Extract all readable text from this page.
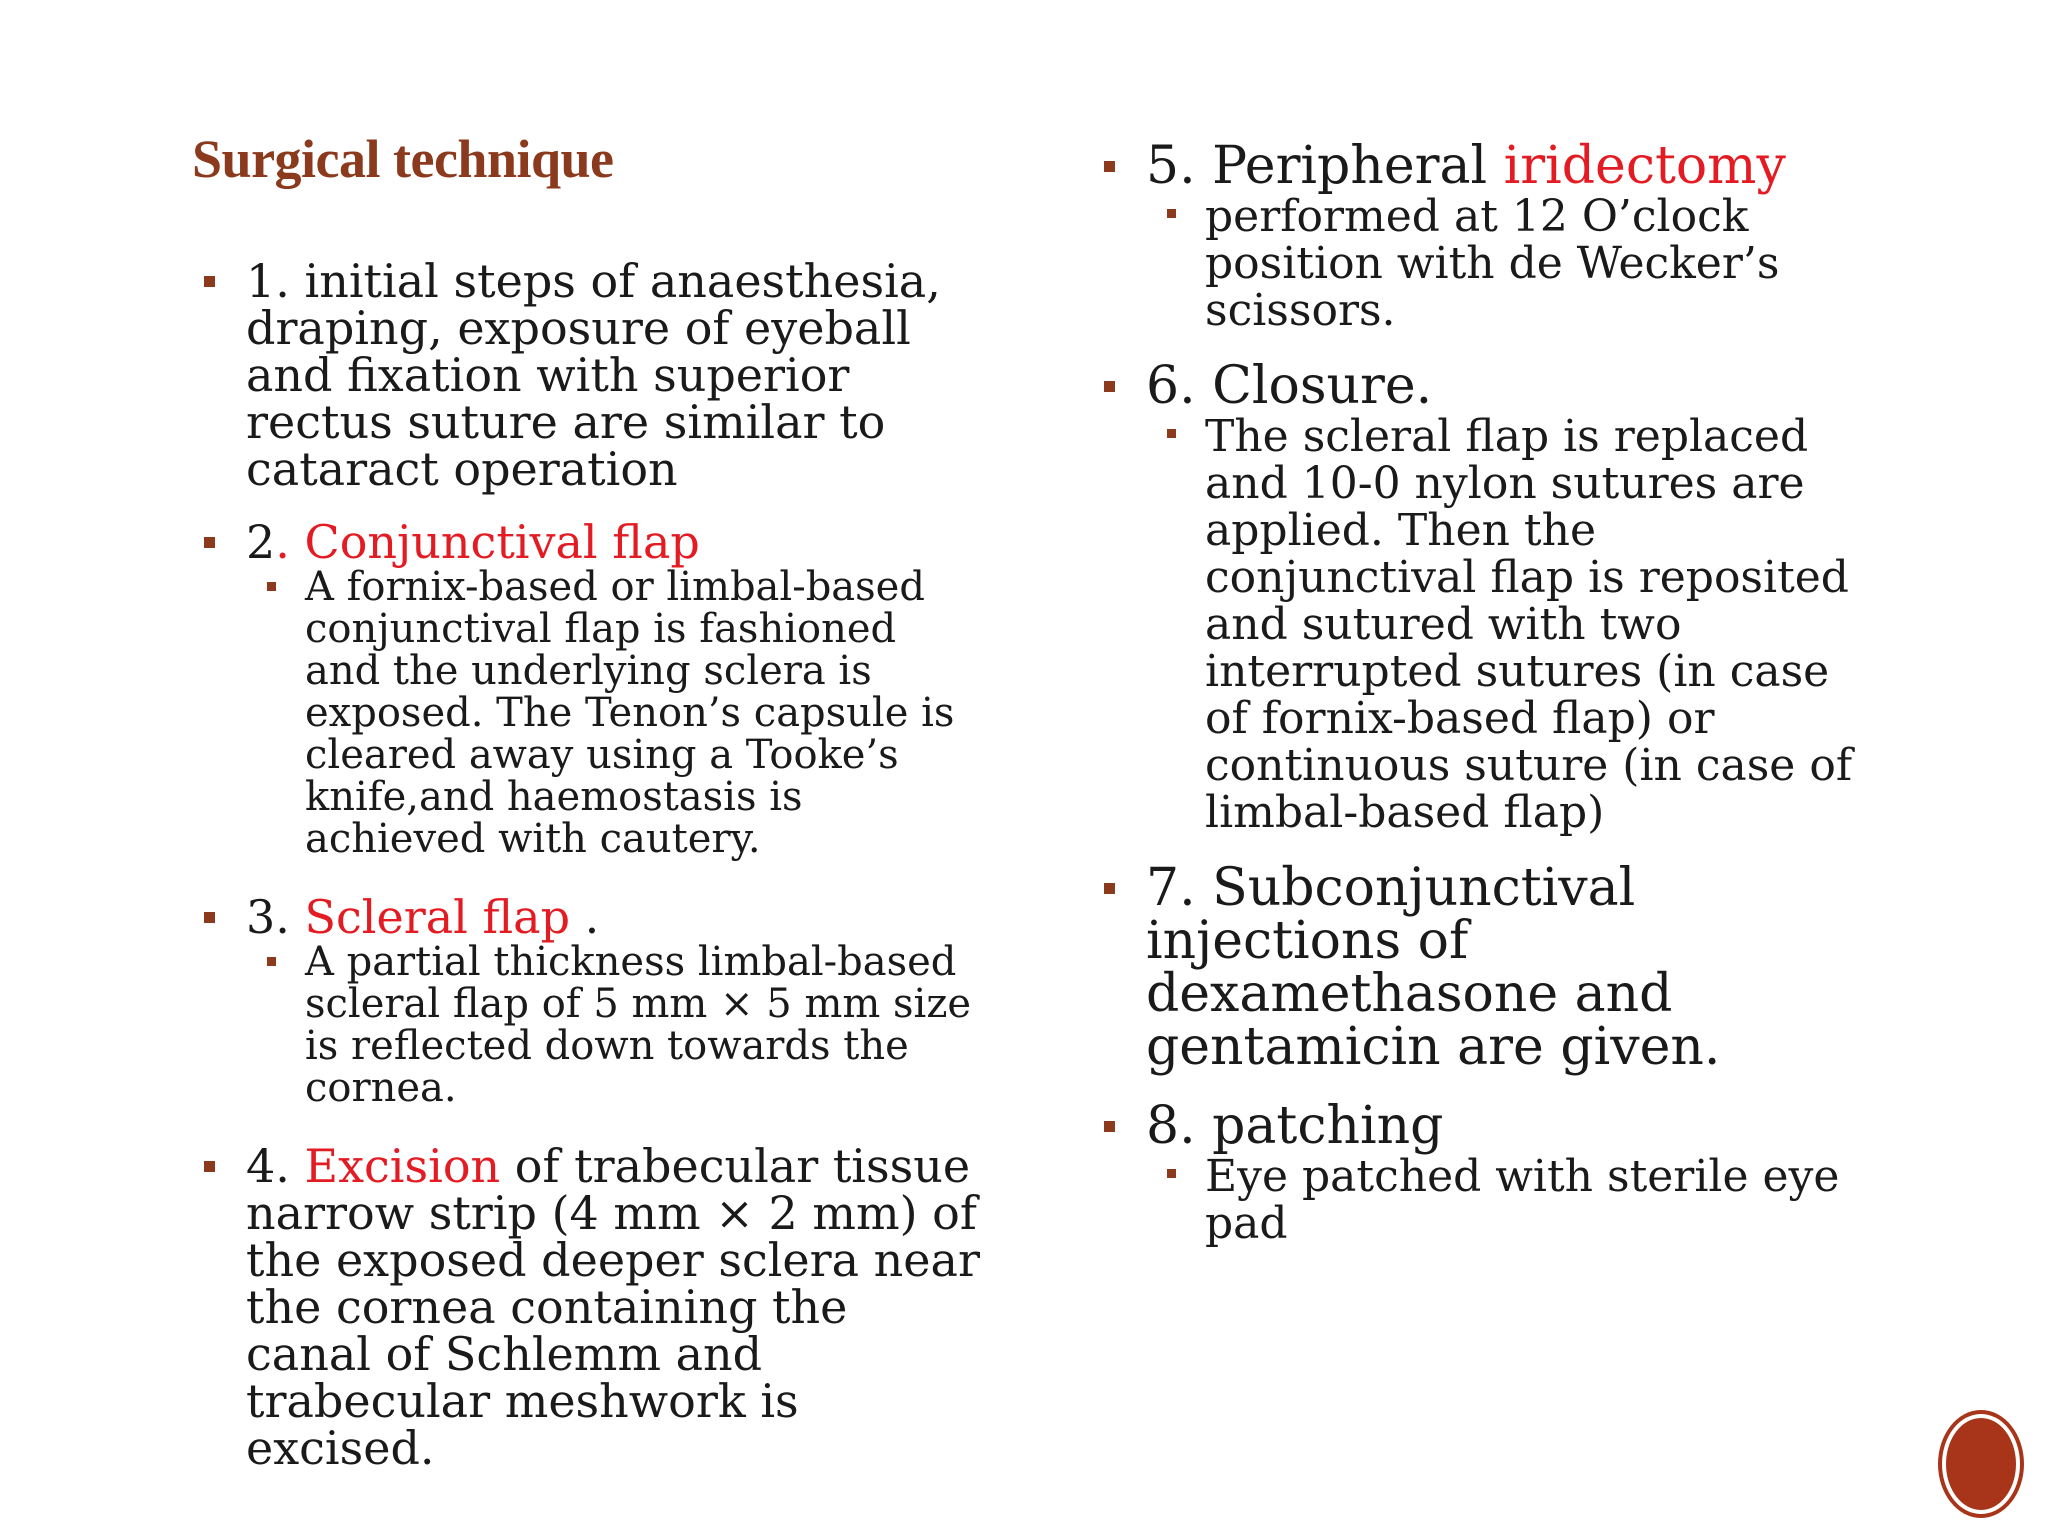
Surgical technique
1. initial steps of anaesthesia, draping, exposure of eyeball and fixation with superior rectus suture are similar to cataract operation
2. Conjunctival flap
A fornix-based or limbal-based conjunctival flap is fashioned and the underlying sclera is exposed. The Tenon’s capsule is cleared away using a Tooke’s knife,and haemostasis is achieved with cautery.
3. Scleral flap .
A partial thickness limbal-based scleral flap of 5 mm × 5 mm size is reflected down towards the cornea.
4. Excision of trabecular tissue narrow strip (4 mm × 2 mm) of the exposed deeper sclera near the cornea containing the canal of Schlemm and trabecular meshwork is excised.
5. Peripheral iridectomy
performed at 12 O’clock position with de Wecker’s scissors.
6. Closure.
The scleral flap is replaced and 10-0 nylon sutures are applied. Then the conjunctival flap is reposited and sutured with two interrupted sutures (in case of fornix-based flap) or continuous suture (in case of limbal-based flap)
7. Subconjunctival injections of dexamethasone and gentamicin are given.
8. patching
Eye patched with sterile eye pad
